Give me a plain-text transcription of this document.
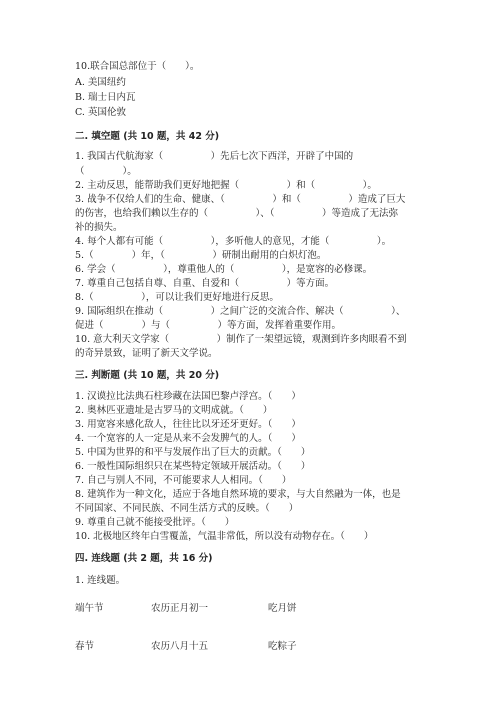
10.联合国总部位于（　　）。
A. 美国纽约
B. 瑞士日内瓦
C. 英国伦敦
二. 填空题 (共 10 题，共 42 分)
1. 我国古代航海家（　　　　　）先后七次下西洋，开辟了中国的
（　　　　）。
2. 主动反思，能帮助我们更好地把握（　　　　　）和（　　　　　）。
3. 战争不仅给人们的生命、健康、（　　　　　）和（　　　　　）造成了巨大
的伤害，也给我们赖以生存的（　　　　　）、（　　　　　）等造成了无法弥
补的损失。
4. 每个人都有可能（　　　　　），多听他人的意见，才能（　　　　　）。
5.（　　　　）年，（　　　　　）研制出耐用的白炽灯泡。
6. 学会（　　　　　），尊重他人的（　　　　　），是宽容的必修课。
7. 尊重自己包括自尊、自重、自爱和（　　　　　）等方面。
8.（　　　　　），可以让我们更好地进行反思。
9. 国际组织在推动（　　　　　）之间广泛的交流合作、解决（　　　　　）、
促进（　　　　）与（　　　　　）等方面，发挥着重要作用。
10. 意大利天文学家（　　　　　）制作了一架望远镜，观测到许多肉眼看不到
的奇异景致，证明了新天文学说。
三. 判断题 (共 10 题，共 20 分)
1. 汉谟拉比法典石柱珍藏在法国巴黎卢浮宫。（　　）
2. 奥林匹亚遗址是古罗马的文明成就。（　　）
3. 用宽容来感化敌人，往往比以牙还牙更好。（　　）
4. 一个宽容的人一定是从来不会发脾气的人。（　　）
5. 中国为世界的和平与发展作出了巨大的贡献。（　　）
6. 一般性国际组织只在某些特定领域开展活动。（　　）
7. 自己与别人不同，不可能要求人人相同。（　　）
8. 建筑作为一种文化，适应于各地自然环境的要求，与大自然融为一体，也是
不同国家、不同民族、不同生活方式的反映。（　　）
9. 尊重自己就不能接受批评。（　　）
10. 北极地区终年白雪覆盖，气温非常低，所以没有动物存在。（　　）
四. 连线题 (共 2 题，共 16 分)
1. 连线题。
端午节	农历正月初一	吃月饼
春节	农历八月十五	吃粽子
